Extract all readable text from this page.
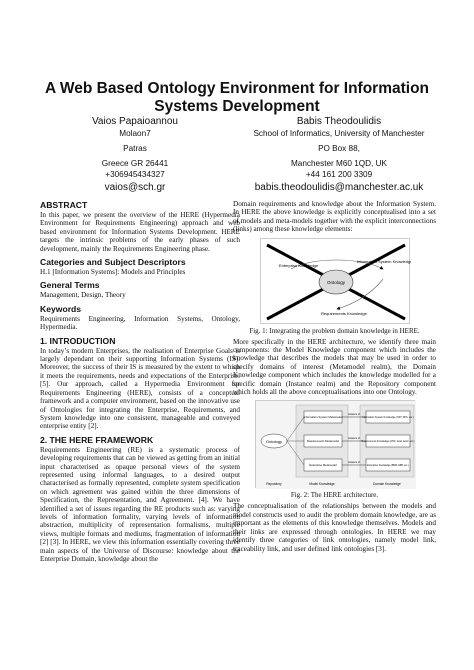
A Web Based Ontology Environment for Information
Systems Development
Vaios Papaioannou
Molaon7
Patras
Greece GR 26441
+306945434327
vaios@sch.gr
Babis Theodoulidis
School of Informatics, University of Manchester
PO Box 88,
Manchester M60 1QD, UK
+44 161 200 3309
babis.theodoulidis@manchester.ac.uk
ABSTRACT
In this paper, we present the overview of the HERE (Hypermedia Environment for Requirements Engineering) approach and web based environment for Information Systems Development. HERE targets the intrinsic problems of the early phases of such development, mainly the Requirements Engineering phase.
Categories and Subject Descriptors
H.1 [Information Systems]: Models and Principles
General Terms
Management, Design, Theory
Keywords
Requirements Engineering, Information Systems, Ontology, Hypermedia.
1. INTRODUCTION
In today’s modern Enterprises, the realisation of Enterprise Goals is largely dependant on their supporting Information Systems (IS). Moreover, the success of their IS is measured by the extent to which it meets the requirements, needs and expectations of the Enterprise. [5]. Our approach, called a Hypermedia Environment for Requirements Engineering (HERE), consists of a conceptual framework and a computer environment, based on the innovative use of Ontologies for integrating the Enterprise, Requirements, and System knowledge into one consistent, manageable and conveyed enterprise entity [2].
2. THE HERE FRAMEWORK
Requirements Engineering (RE) is a systematic process of developing requirements that can be viewed as getting from an initial input characterised as opaque personal views of the system represented using informal languages, to a desired output characterised as formally represented, complete system specification on which agreement was gained within the three dimensions of Specification, the Representation, and Agreement. [4]. We have identified a set of issues regarding the RE products such as: varying levels of information formality, varying levels of information abstraction, multiplicity of representation formalisms, multiple views, multiple formats and mediums, fragmentation of information [2] [3]. In HERE, we view this information essentially covering three main aspects of the Universe of Discourse: knowledge about the Enterprise Domain, knowledge about the
Domain requirements and knowledge about the Information System. In HERE the above knowledge is explicitly conceptualised into a set of models and meta-models together with the explicit interconnections (links) among these knowledge elements:
Ontology
Enterprise Knowledge
Information System Knowledge
Requirements Knowledge
Fig. 1: Integrating the problem domain knowledge in HERE.
More specifically in the HERE architecture, we identify three main components: the Model Knowledge component which includes the knowledge that describes the models that may be used in order to specify domains of interest (Metamodel realm), the Domain Knowledge component which includes the knowledge modelled for a specific domain (Instance realm) and the Repository component which holds all the above conceptualisations into one Ontology.
Ontology
Information System Metamodel
Requirements Metamodel
Enterprise Metamodel
Information System Knowledge (OFT, DFS, etc.)
Requirements Knowledge (AHC, Goal, Actor, etc.)
Enterprise Knowledge (BDN, EBP, etc.)
Instance of
Instance of
Instance of
Repository	Model Knowledge	Domain Knowledge
Fig. 2: The HERE architecture.
The conceptualisation of the relationships between the models and model constructs used to audit the problem domain knowledge, are as important as the elements of this knowledge themselves. Models and their links are expressed through ontologies. In HERE we may identify three categories of link ontologies, namely model link, traceability link, and user defined link ontologies [3].
